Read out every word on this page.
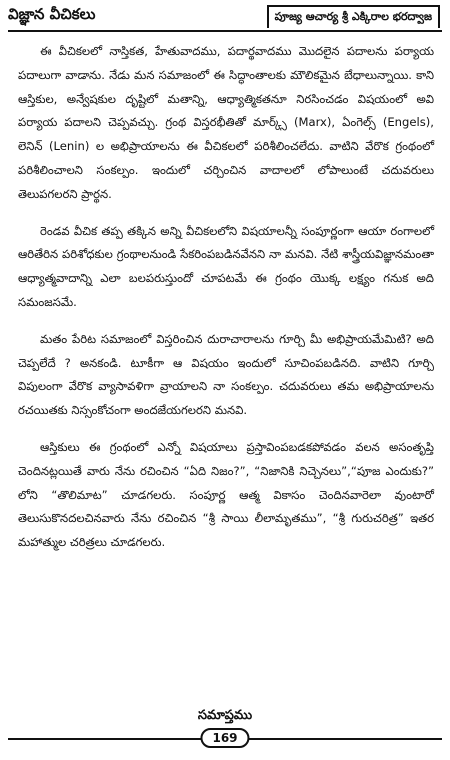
విజ్ఞాన వీచికలు	పూజ్య ఆచార్య శ్రీ ఎక్కిరాల భరద్వాజ

ఈ వీచికలలో నాస్తికత, హేతువాదము, పదార్థవాదము మొదలైన పదాలను పర్యాయ పదాలుగా వాడాను. నేడు మన సమాజంలో ఈ సిద్ధాంతాలకు మౌలికమైన బేధాలున్నాయి. కాని ఆస్తికుల, అన్వేషకుల దృష్టిలో మతాన్ని, ఆధ్యాత్మికతనూ నిరసించడం విషయంలో అవి పర్యాయ పదాలని చెప్పవచ్చు. గ్రంథ విస్తరభీతితో మార్క్స్ (Marx), ఏంగెల్స్ (Engels), లెనిన్ (Lenin) ల అభిప్రాయాలను ఈ వీచికలలో పరిశీలించలేదు. వాటిని వేరొక గ్రంథంలో పరిశీలించాలని సంకల్పం. ఇందులో చర్చించిన వాదాలలో లోపాలుంటే చదువరులు తెలుపగలరని ప్రార్థన.

రెండవ వీచిక తప్ప తక్కిన అన్ని వీచికలలోని విషయాలన్నీ సంపూర్ణంగా ఆయా రంగాలలో ఆరితేరిన పరిశోధకుల గ్రంథాలనుండి సేకరింపబడినవేనని నా మనవి. నేటి శాస్త్రీయవిజ్ఞానమంతా ఆధ్యాత్మవాదాన్ని ఎలా బలపరుస్తుందో చూపటమే ఈ గ్రంథం యొక్క లక్ష్యం గనుక అది సమంజసమే.

మతం పేరిట సమాజంలో విస్తరించిన దురాచారాలను గూర్చి మీ అభిప్రాయమేమిటి? అది చెప్పలేదే ? అనకండి. టూకీగా ఆ విషయం ఇందులో సూచింపబడినది. వాటిని గూర్చి విపులంగా వేరొక వ్యాసావళిగా వ్రాయాలని నా సంకల్పం. చదువరులు తమ అభిప్రాయాలను రచయితకు నిస్సంకోచంగా అందజేయగలరని మనవి.

ఆస్తికులు ఈ గ్రంథంలో ఎన్నో విషయాలు ప్రస్తావింపబడకపోవడం వలన అసంతృప్తి చెందినట్లయితే వారు నేను రచించిన “ఏది నిజం?”, “నిజానికి నిచ్చెనలు”,“పూజ ఎందుకు?” లోని “తొలిమాట” చూడగలరు. సంపూర్ణ ఆత్మ వికాసం చెందినవారెలా వుంటారో తెలుసుకొనదలచినవారు నేను రచించిన “శ్రీ సాయి లీలామృతము”, “శ్రీ గురుచరిత్ర” ఇతర మహాత్ముల చరిత్రలు చూడగలరు.

సమాప్తము
169
